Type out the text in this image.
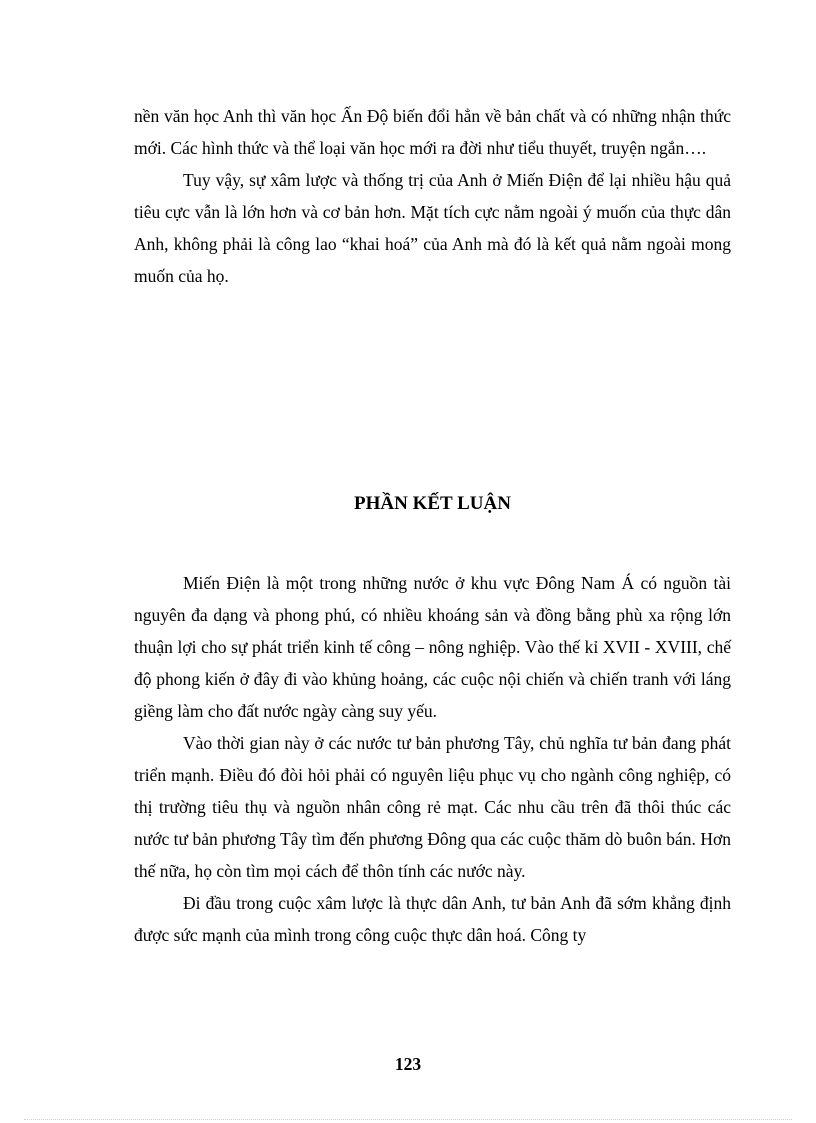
nền văn học Anh thì văn học Ấn Độ biến đổi hẳn về bản chất và có những nhận thức mới. Các hình thức và thể loại văn học mới ra đời như tiểu thuyết, truyện ngắn….

Tuy vậy, sự xâm lược và thống trị của Anh ở Miến Điện để lại nhiều hậu quả tiêu cực vẫn là lớn hơn và cơ bản hơn. Mặt tích cực nằm ngoài ý muốn của thực dân Anh, không phải là công lao “khai hoá” của Anh mà đó là kết quả nằm ngoài mong muốn của họ.

PHẦN KẾT LUẬN

Miến Điện là một trong những nước ở khu vực Đông Nam Á có nguồn tài nguyên đa dạng và phong phú, có nhiều khoáng sản và đồng bằng phù xa rộng lớn thuận lợi cho sự phát triển kinh tế công – nông nghiệp. Vào thế kỉ XVII - XVIII, chế độ phong kiến ở đây đi vào khủng hoảng, các cuộc nội chiến và chiến tranh với láng giềng làm cho đất nước ngày càng suy yếu.

Vào thời gian này ở các nước tư bản phương Tây, chủ nghĩa tư bản đang phát triển mạnh. Điều đó đòi hỏi phải có nguyên liệu phục vụ cho ngành công nghiệp, có thị trường tiêu thụ và nguồn nhân công rẻ mạt. Các nhu cầu trên đã thôi thúc các nước tư bản phương Tây tìm đến phương Đông qua các cuộc thăm dò buôn bán. Hơn thế nữa, họ còn tìm mọi cách để thôn tính các nước này.

Đi đầu trong cuộc xâm lược là thực dân Anh, tư bản Anh đã sớm khẳng định được sức mạnh của mình trong công cuộc thực dân hoá. Công ty

123
